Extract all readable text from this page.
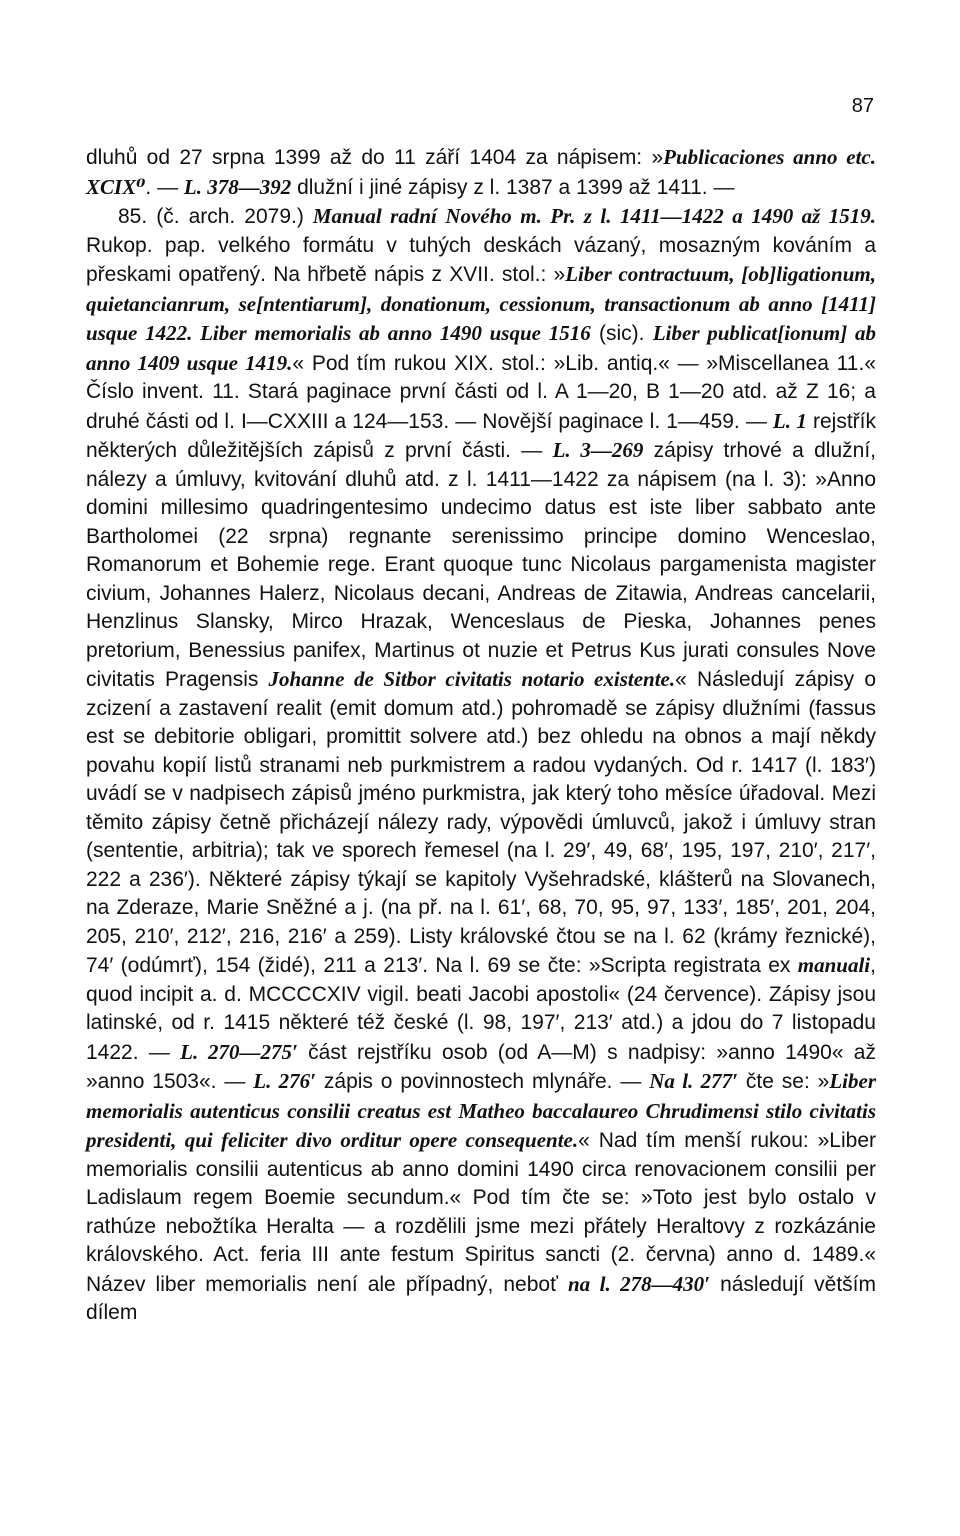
87

dluhů od 27 srpna 1399 až do 11 září 1404 za nápisem: »Publicaciones anno etc. XCIX⁰. — L. 378—392 dlužní i jiné zápisy z l. 1387 a 1399 až 1411. —

85. (č. arch. 2079.) Manual radní Nového m. Pr. z l. 1411—1422 a 1490 až 1519. Rukop. pap. velkého formátu v tuhých deskách vázaný, mosazným kováním a přeskami opatřený. Na hřbetě nápis z XVII. stol.: »Liber contractuum, [ob]ligationum, quietancianrum, se[ntentiarum], donationum, cessionum, transactionum ab anno [1411] usque 1422. Liber memorialis ab anno 1490 usque 1516 (sic). Liber publicat[ionum] ab anno 1409 usque 1419.« Pod tím rukou XIX. stol.: »Lib. antiq.« — »Miscellanea 11.« Číslo invent. 11. Stará paginace první části od l. A 1—20, B 1—20 atd. až Z 16; a druhé části od l. I—CXXIII a 124—153. — Novější paginace l. 1—459. — L. 1 rejstřík některých důležitějších zápisů z první části. — L. 3—269 zápisy trhové a dlužní, nálezy a úmluvy, kvitování dluhů atd. z l. 1411—1422 za nápisem (na l. 3): »Anno domini millesimo quadringentesimo undecimo datus est iste liber sabbato ante Bartholomei (22 srpna) regnante serenissimo principe domino Wenceslao, Romanorum et Bohemie rege. Erant quoque tunc Nicolaus pargamenista magister civium, Johannes Halerz, Nicolaus decani, Andreas de Zitawia, Andreas cancelarii, Henzlinus Slansky, Mirco Hrazak, Wenceslaus de Pieska, Johannes penes pretorium, Benessius panifex, Martinus ot nuzie et Petrus Kus jurati consules Nove civitatis Pragensis Johanne de Sitbor civitatis notario existente.« Následují zápisy o zcizení a zastavení realit (emit domum atd.) pohromadě se zápisy dlužními (fassus est se debitorie obligari, promittit solvere atd.) bez ohledu na obnos a mají někdy povahu kopií listů stranami neb purkmistrem a radou vydaných. Od r. 1417 (l. 183′) uvádí se v nadpisech zápisů jméno purkmistra, jak který toho měsíce úřadoval. Mezi těmito zápisy četně přicházejí nálezy rady, výpovědi úmluvců, jakož i úmluvy stran (sententie, arbitria); tak ve sporech řemesel (na l. 29′, 49, 68′, 195, 197, 210′, 217′, 222 a 236′). Některé zápisy týkají se kapitoly Vyšehradské, klášterů na Slovanech, na Zderaze, Marie Sněžné a j. (na př. na l. 61′, 68, 70, 95, 97, 133′, 185′, 201, 204, 205, 210′, 212′, 216, 216′ a 259). Listy královské čtou se na l. 62 (krámy řeznické), 74′ (odúmrť), 154 (židé), 211 a 213′. Na l. 69 se čte: »Scripta registrata ex manuali, quod incipit a. d. MCCCCXIV vigil. beati Jacobi apostoli« (24 července). Zápisy jsou latinské, od r. 1415 některé též české (l. 98, 197′, 213′ atd.) a jdou do 7 listopadu 1422. — L. 270—275′ část rejstříku osob (od A—M) s nadpisy: »anno 1490« až »anno 1503«. — L. 276′ zápis o povinnostech mlynáře. — Na l. 277′ čte se: »Liber memorialis autenticus consilii creatus est Matheo baccalaureo Chrudimensi stilo civitatis presidenti, qui feliciter divo orditur opere consequente.« Nad tím menší rukou: »Liber memorialis consilii autenticus ab anno domini 1490 circa renovacionem consilii per Ladislaum regem Boemie secundum.« Pod tím čte se: »Toto jest bylo ostalo v rathúze nebožtíka Heralta — a rozdělili jsme mezi přátely Heraltovy z rozkázánie královského. Act. feria III ante festum Spiritus sancti (2. června) anno d. 1489.« Název liber memorialis není ale případný, neboť na l. 278—430′ následují větším dílem
